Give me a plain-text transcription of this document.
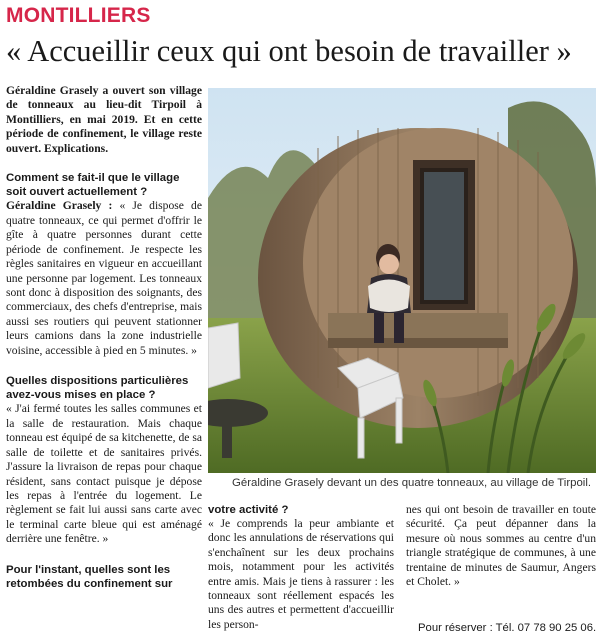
MONTILLIERS
« Accueillir ceux qui ont besoin de travailler »

Géraldine Grasely a ouvert son village de tonneaux au lieu-dit Tirpoil à Montilliers, en mai 2019. Et en cette période de confinement, le village reste ouvert. Explications.

Comment se fait-il que le village soit ouvert actuellement ?

Géraldine Grasely : « Je dispose de quatre tonneaux, ce qui permet d'offrir le gîte à quatre personnes durant cette période de confinement. Je respecte les règles sanitaires en vigueur en accueillant une personne par logement. Les tonneaux sont donc à disposition des soignants, des commerciaux, des chefs d'entreprise, mais aussi ses routiers qui peuvent stationner leurs camions dans la zone industrielle voisine, accessible à pied en 5 minutes. »

Quelles dispositions particulières avez-vous mises en place ?

« J'ai fermé toutes les salles communes et la salle de restauration. Mais chaque tonneau est équipé de sa kitchenette, de sa salle de toilette et de sanitaires privés. J'assure la livraison de repas pour chaque résident, sans contact puisque je dépose les repas à l'entrée du logement. Le règlement se fait lui aussi sans carte avec le terminal carte bleue qui est aménagé derrière une fenêtre. »

Pour l'instant, quelles sont les retombées du confinement sur

Géraldine Grasely devant un des quatre tonneaux, au village de Tirpoil.

votre activité ?

« Je comprends la peur ambiante et donc les annulations de réservations qui s'enchaînent sur les deux prochains mois, notamment pour les activités entre amis. Mais je tiens à rassurer : les tonneaux sont réellement espacés les uns des autres et permettent d'accueillir les person-

nes qui ont besoin de travailler en toute sécurité. Ça peut dépanner dans la mesure où nous sommes au centre d'un triangle stratégique de communes, à une trentaine de minutes de Saumur, Angers et Cholet. »

Pour réserver : Tél. 07 78 90 25 06.
